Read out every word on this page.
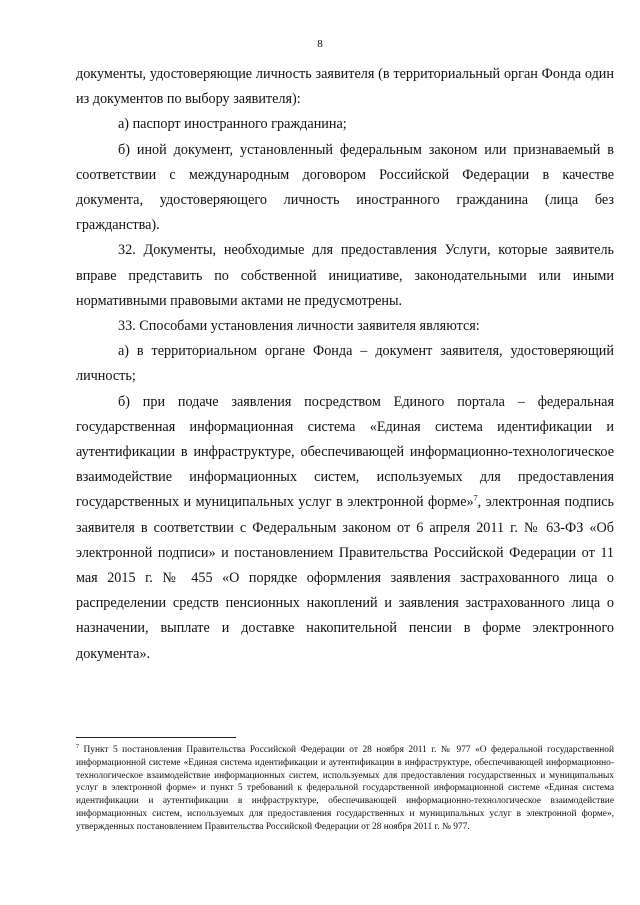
8

документы, удостоверяющие личность заявителя (в территориальный орган Фонда один из документов по выбору заявителя):

а) паспорт иностранного гражданина;

б) иной документ, установленный федеральным законом или признаваемый в соответствии с международным договором Российской Федерации в качестве документа, удостоверяющего личность иностранного гражданина (лица без гражданства).

32. Документы, необходимые для предоставления Услуги, которые заявитель вправе представить по собственной инициативе, законодательными или иными нормативными правовыми актами не предусмотрены.

33. Способами установления личности заявителя являются:

а) в территориальном органе Фонда – документ заявителя, удостоверяющий личность;

б) при подаче заявления посредством Единого портала – федеральная государственная информационная система «Единая система идентификации и аутентификации в инфраструктуре, обеспечивающей информационно-технологическое взаимодействие информационных систем, используемых для предоставления государственных и муниципальных услуг в электронной форме»$^7$, электронная подпись заявителя в соответствии с Федеральным законом от 6 апреля 2011 г. № 63-ФЗ «Об электронной подписи» и постановлением Правительства Российской Федерации от 11 мая 2015 г. № 455 «О порядке оформления заявления застрахованного лица о распределении средств пенсионных накоплений и заявления застрахованного лица о назначении, выплате и доставке накопительной пенсии в форме электронного документа».

$^7$ Пункт 5 постановления Правительства Российской Федерации от 28 ноября 2011 г. № 977 «О федеральной государственной информационной системе «Единая система идентификации и аутентификации в инфраструктуре, обеспечивающей информационно-технологическое взаимодействие информационных систем, используемых для предоставления государственных и муниципальных услуг в электронной форме» и пункт 5 требований к федеральной государственной информационной системе «Единая система идентификации и аутентификации в инфраструктуре, обеспечивающей информационно-технологическое взаимодействие информационных систем, используемых для предоставления государственных и муниципальных услуг в электронной форме», утвержденных постановлением Правительства Российской Федерации от 28 ноября 2011 г. № 977.
